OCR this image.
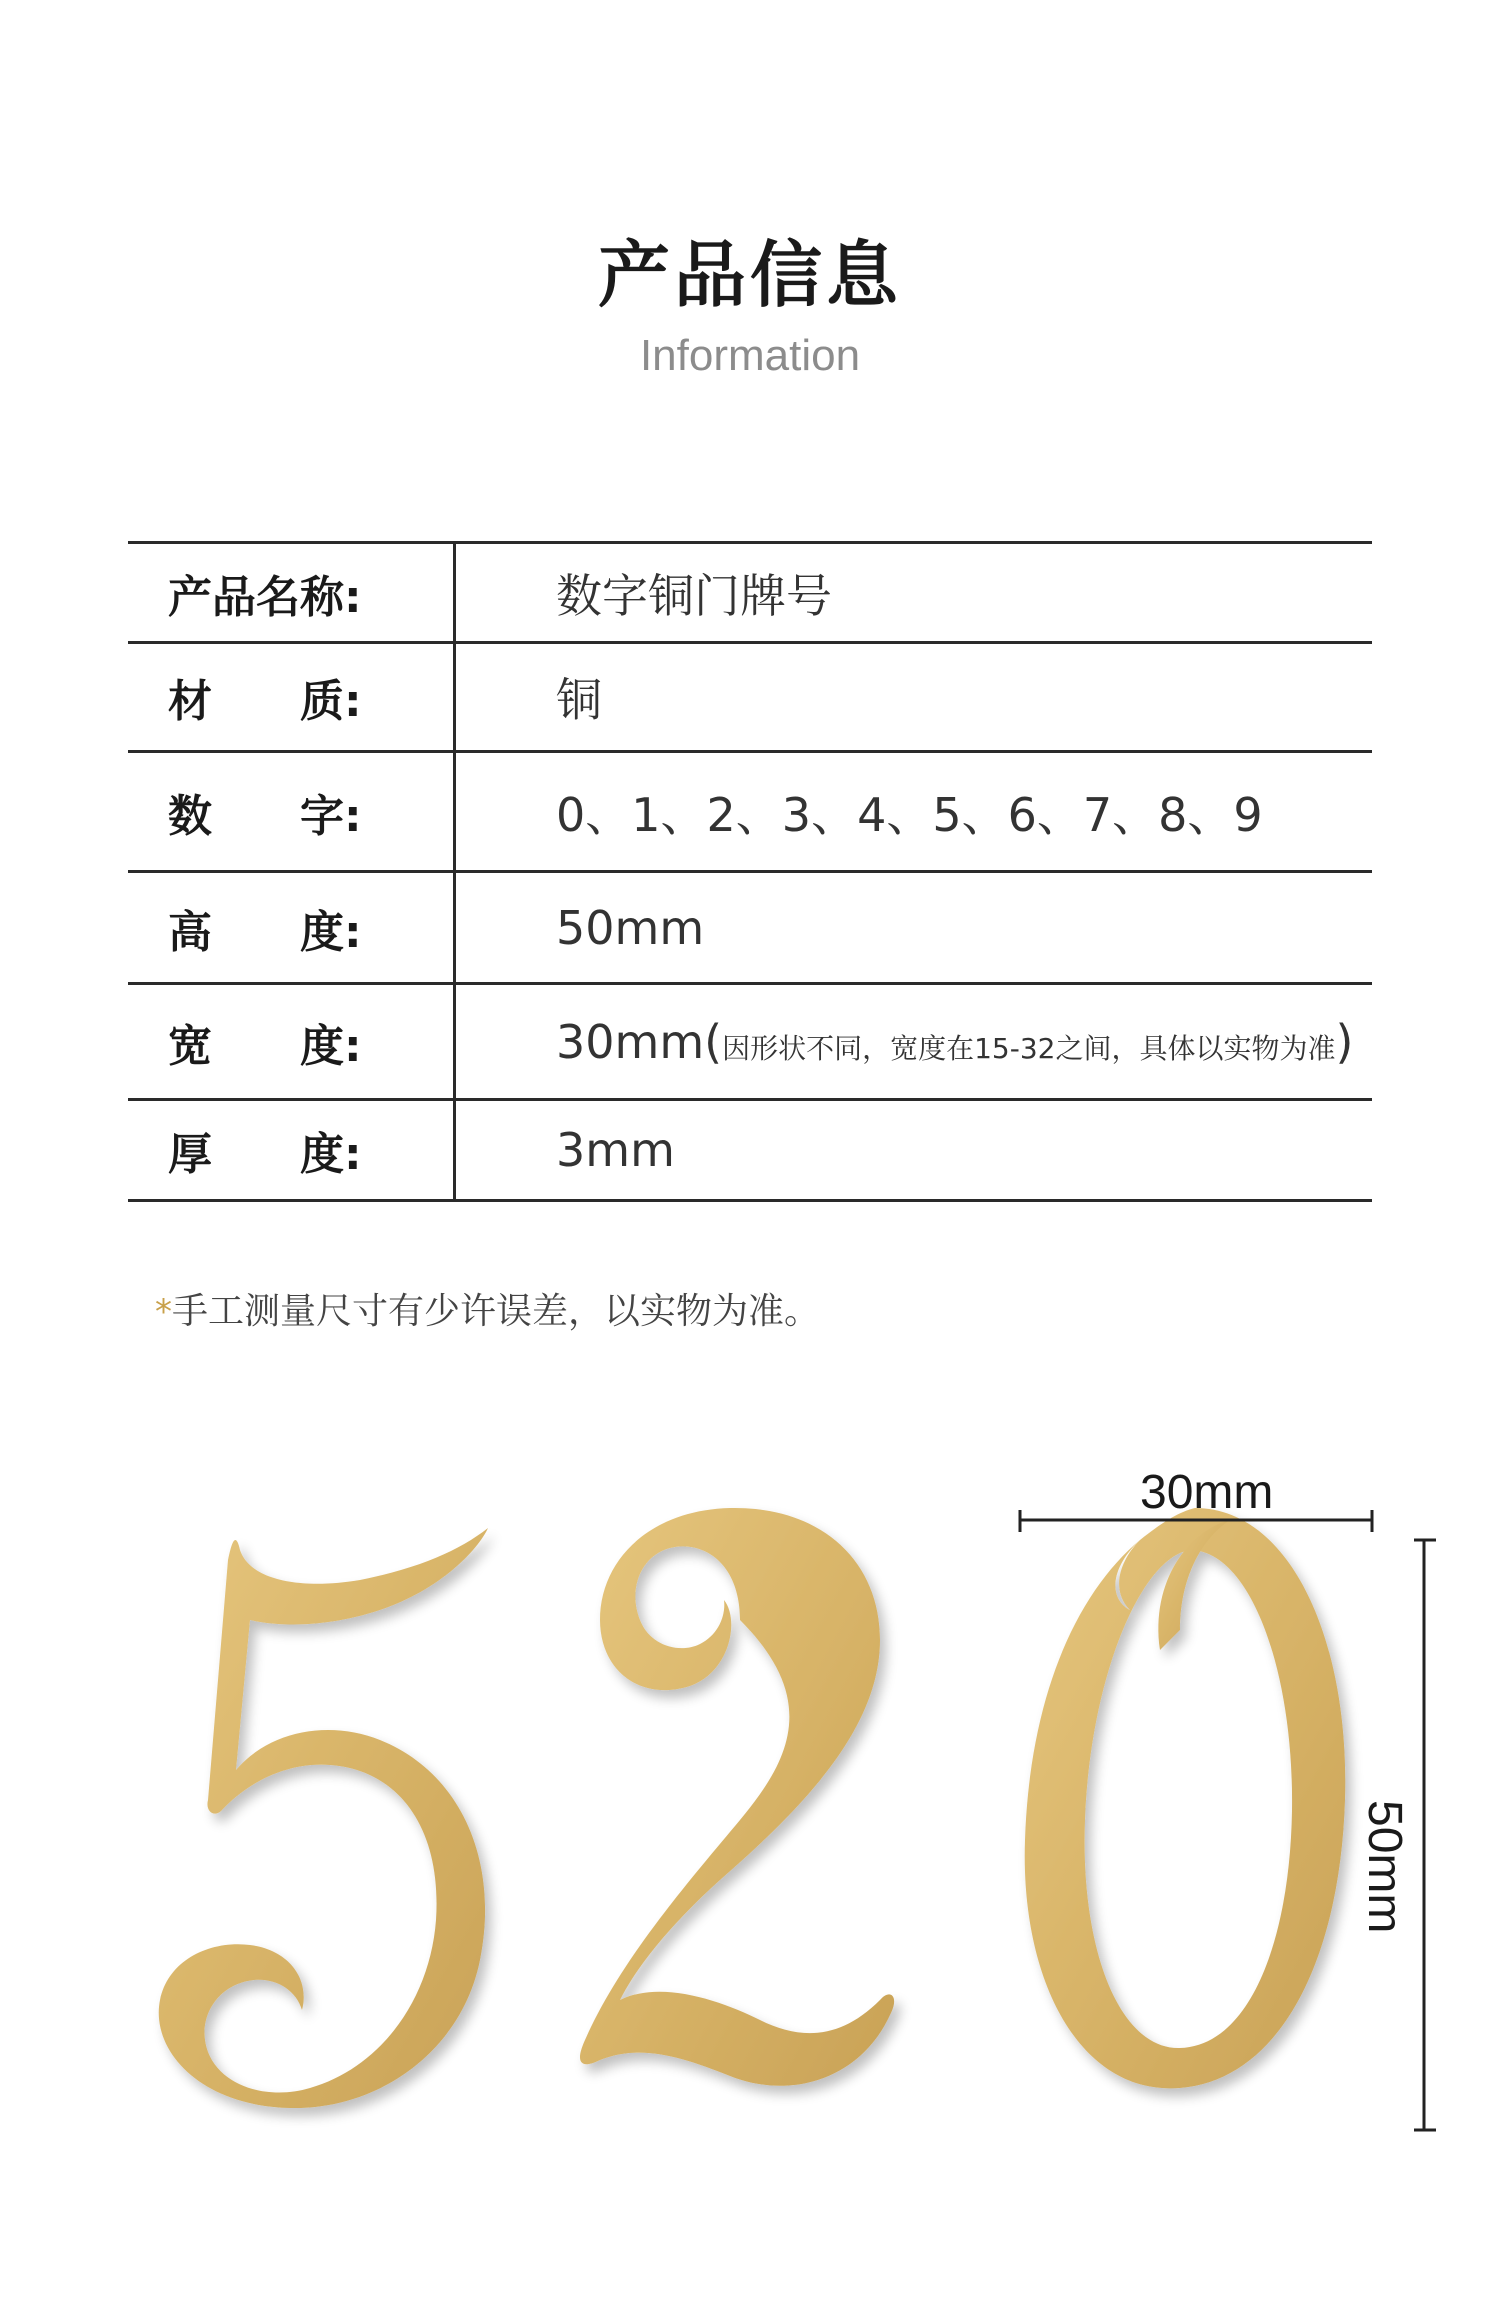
产品信息
Information
产品名称:	数字铜门牌号
材　　质:	铜
数　　字:	0、1、2、3、4、5、6、7、8、9
高　　度:	50mm
宽　　度:	30mm(因形状不同，宽度在15-32之间，具体以实物为准)
厚　　度:	3mm
*手工测量尺寸有少许误差，以实物为准。
30mm
50mm
